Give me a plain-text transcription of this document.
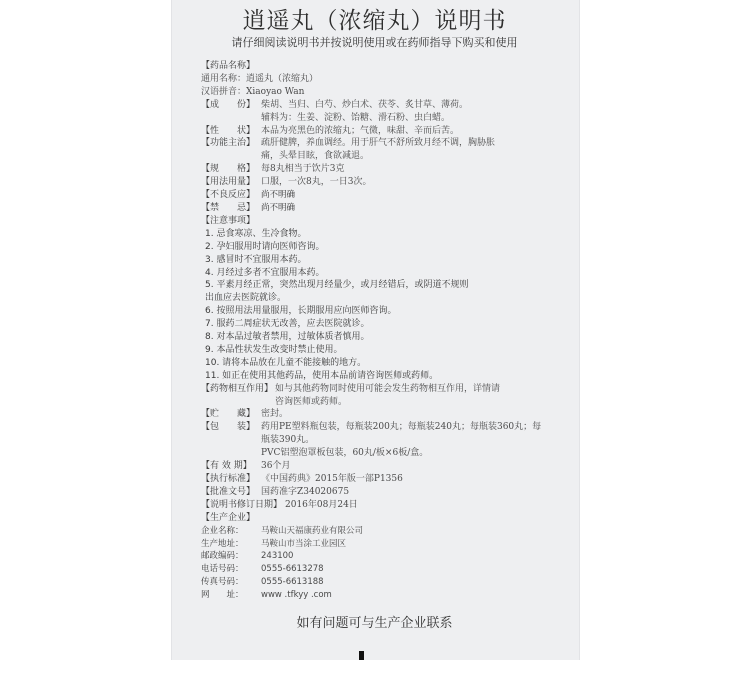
逍遥丸（浓缩丸）说明书
请仔细阅读说明书并按说明使用或在药师指导下购买和使用
【药品名称】
通用名称：逍遥丸（浓缩丸）
汉语拼音：Xiaoyao Wan
【成　　份】 柴胡、当归、白芍、炒白术、茯苓、炙甘草、薄荷。
辅料为：生姜、淀粉、饴糖、滑石粉、虫白蜡。
【性　　状】 本品为亮黑色的浓缩丸；气微，味甜、辛而后苦。
【功能主治】 疏肝健脾，养血调经。用于肝气不舒所致月经不调，胸胁胀痛，头晕目眩，食欲减退。
【规　　格】 每8丸相当于饮片3克
【用法用量】 口服，一次8丸，一日3次。
【不良反应】 尚不明确
【禁　　忌】 尚不明确
【注意事项】
1. 忌食寒凉、生冷食物。
2. 孕妇服用时请向医师咨询。
3. 感冒时不宜服用本药。
4. 月经过多者不宜服用本药。
5. 平素月经正常，突然出现月经量少，或月经错后，或阴道不规则出血应去医院就诊。
6. 按照用法用量服用，长期服用应向医师咨询。
7. 服药二周症状无改善，应去医院就诊。
8. 对本品过敏者禁用，过敏体质者慎用。
9. 本品性状发生改变时禁止使用。
10. 请将本品放在儿童不能接触的地方。
11. 如正在使用其他药品，使用本品前请咨询医师或药师。
【药物相互作用】 如与其他药物同时使用可能会发生药物相互作用，详情请咨询医师或药师。
【贮　　藏】 密封。
【包　　装】 药用PE塑料瓶包装，每瓶装200丸；每瓶装240丸；每瓶装360丸；每瓶装390丸。
PVC铝塑泡罩板包装，60丸/板×6板/盒。
【有 效 期】	36个月
【执行标准】 《中国药典》2015年版一部P1356
【批准文号】 国药准字Z34020675
【说明书修订日期】 2016年08月24日
【生产企业】
企业名称：	马鞍山天福康药业有限公司
生产地址：	马鞍山市当涂工业园区
邮政编码：	243100
电话号码：	0555-6613278
传真号码：	0555-6613188
网　　址：	www .tfkyy .com
如有问题可与生产企业联系
